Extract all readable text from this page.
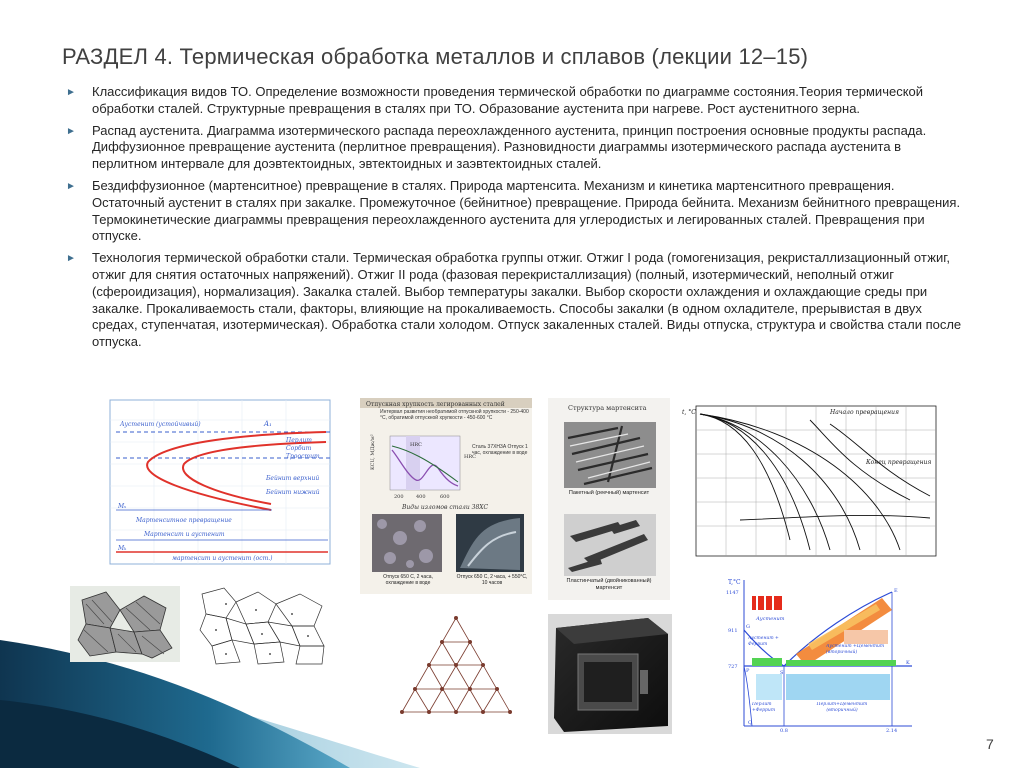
РАЗДЕЛ 4. Термическая обработка металлов и сплавов (лекции 12–15)
► Классификация видов ТО. Определение возможности проведения термической обработки по диаграмме состояния.Теория термической обработки сталей. Структурные превращения в сталях при ТО. Образование аустенита при нагреве. Рост аустенитного зерна.
► Распад аустенита. Диаграмма изотермического распада переохлажденного аустенита, принцип построения основные продукты распада. Диффузионное превращение аустенита (перлитное превращения). Разновидности диаграммы изотермического распада аустенита в перлитном интервале для доэвтектоидных, эвтектоидных и заэвтектоидных сталей.
► Бездиффузионное (мартенситное) превращение в сталях. Природа мартенсита. Механизм и кинетика мартенситного превращения. Остаточный аустенит в сталях при закалке. Промежуточное (бейнитное) превращение. Природа бейнита. Механизм бейнитного превращения. Термокинетические диаграммы превращения переохлажденного аустенита для углеродистых и легированных сталей. Превращения при отпуске.
► Технология термической обработки стали. Термическая обработка группы отжиг. Отжиг I рода (гомогенизация, рекристаллизационный отжиг, отжиг для снятия остаточных напряжений). Отжиг II рода (фазовая перекристаллизация) (полный, изотермический, неполный отжиг (сфероидизация), нормализация). Закалка сталей. Выбор температуры закалки. Выбор скорости охлаждения и охлаждающие среды при закалке. Прокаливаемость стали, факторы, влияющие на прокаливаемость. Способы закалки (в одном охладителе, прерывистая в двух средах, ступенчатая, изотермическая). Обработка стали холодом. Отпуск закаленных сталей. Виды отпуска, структура и свойства стали после отпуска.
Аустенит (устойчивый)	A₁
Перлит
Сорбит
Троостит
Бейнит верхний
Бейнит нижний
Mₛ
Mₖ
Мартенситное превращение
Мартенсит и аустенит
мартенсит и аустенит (ост.)
Отпускная хрупкость легированных сталей
Интервал развития необратимой отпускной хрупкости - 250-400 °С, обратимой отпускной хрупкости - 450-600 °С
HRC
HRC
KCU, МДж/м²
200 400	600
Сталь 37ХН3А Отпуск 1 час, охлаждение в воде
Виды изломов стали 38ХС
Отпуск 650 С, 2 часа, охлаждение в воде
Отпуск 650 С, 2 часа, + 550°С, 10 часов
Структура мартенсита
Пакетный (реечный) мартенсит
Пластинчатый (двойникованный) мартенсит
t, °C	Начало превращения
Конец превращения
T,°C
1147
911
727
Аустенит
Аустенит +Цементит (вторичный)
Аустенит + Феррит
Перлит +Феррит
Перлит+Цементит (вторичный)
0.8	2.14
E
S
K
G
P
Q
7
